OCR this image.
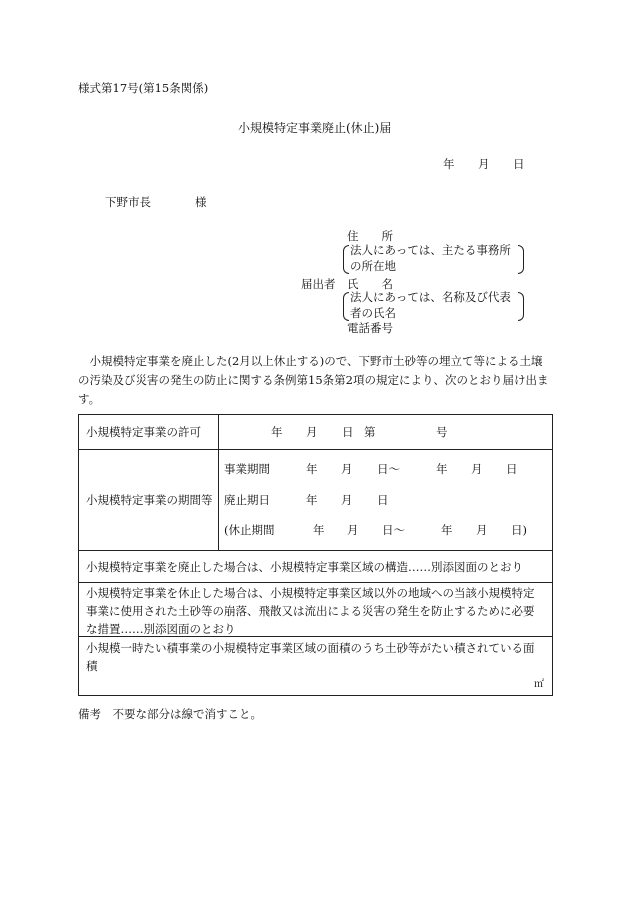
様式第17号(第15条関係)
小規模特定事業廃止(休止)届
年 月 日
下野市長	様
住　　所
法人にあっては、主たる事務所
の所在地
届出者 氏　　名
法人にあっては、名称及び代表
者の氏名
電話番号
　小規模特定事業を廃止した(2月以上休止する)ので、下野市土砂等の埋立て等による土壌の汚染及び災害の発生の防止に関する条例第15条第2項の規定により、次のとおり届け出ます。
小規模特定事業の許可	年 月 日 第	号
小規模特定事業の期間等
事業期間	年 月 日～	年 月 日
廃止期日	年 月 日
(休止期間	年 月 日～	年 月 日)
小規模特定事業を廃止した場合は、小規模特定事業区域の構造……別添図面のとおり
小規模特定事業を休止した場合は、小規模特定事業区域以外の地域への当該小規模特定事業に使用された土砂等の崩落、飛散又は流出による災害の発生を防止するために必要な措置……別添図面のとおり
小規模一時たい積事業の小規模特定事業区域の面積のうち土砂等がたい積されている面積
㎡
備考　不要な部分は線で消すこと。
